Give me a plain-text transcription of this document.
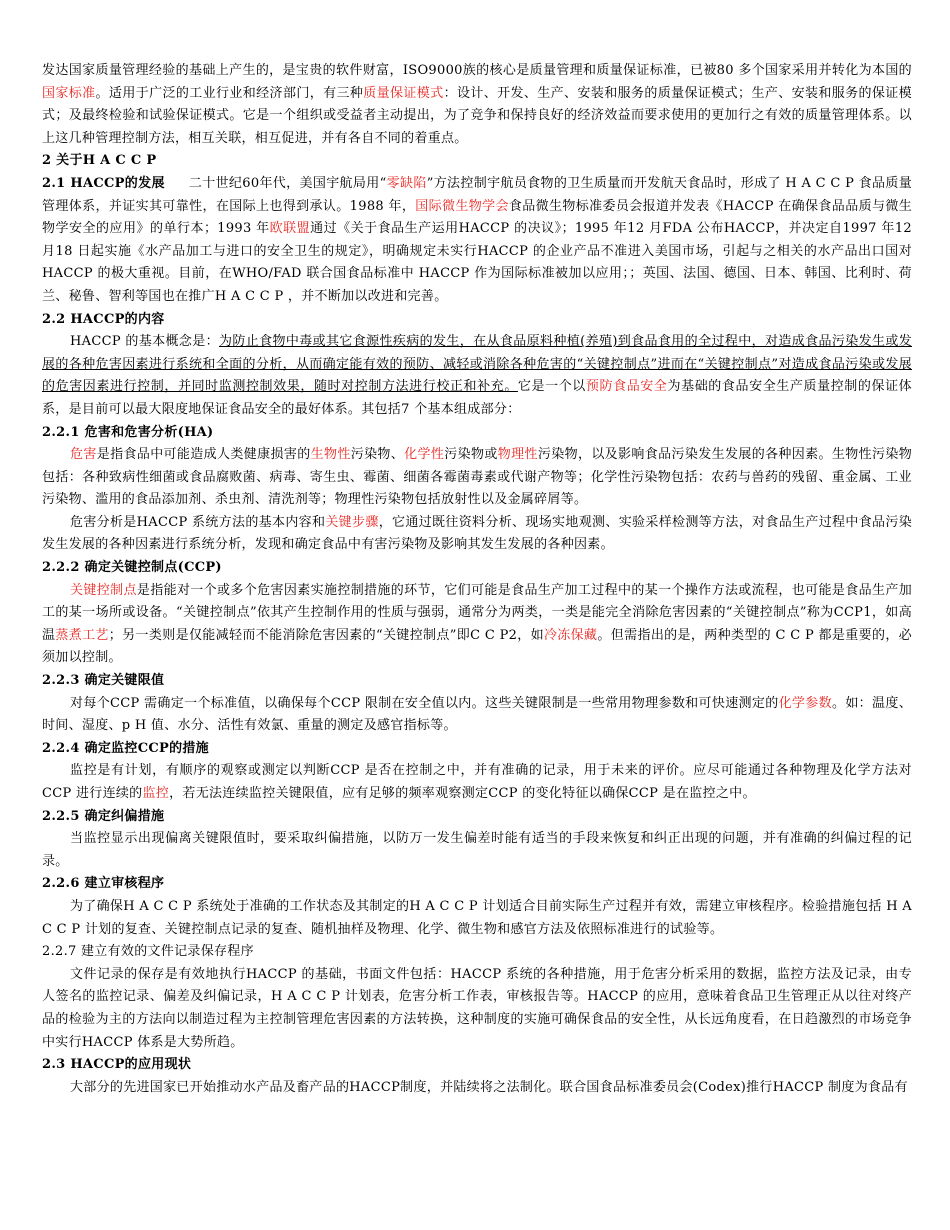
发达国家质量管理经验的基础上产生的，是宝贵的软件财富，ISO9000族的核心是质量管理和质量保证标准，已被80 多个国家采用并转化为本国的国家标准。适用于广泛的工业行业和经济部门，有三种质量保证模式：设计、开发、生产、安装和服务的质量保证模式；生产、安装和服务的保证模式；及最终检验和试验保证模式。它是一个组织或受益者主动提出，为了竞争和保持良好的经济效益而要求使用的更加行之有效的质量管理体系。以上这几种管理控制方法，相互关联，相互促进，并有各自不同的着重点。
2 关于H A C C P
2.1 HACCP的发展 二十世纪60年代，美国宇航局用“零缺陷”方法控制宇航员食物的卫生质量而开发航天食品时，形成了 H A C C P 食品质量管理体系，并证实其可靠性，在国际上也得到承认。1988 年，国际微生物学会食品微生物标准委员会报道并发表《HACCP 在确保食品品质与微生物学安全的应用》的单行本；1993 年欧联盟通过《关于食品生产运用HACCP 的决议》；1995 年12 月FDA 公布HACCP，并决定自1997 年12月18 日起实施《水产品加工与进口的安全卫生的规定》，明确规定未实行HACCP 的企业产品不准进入美国市场，引起与之相关的水产品出口国对HACCP 的极大重视。目前，在WHO/FAD 联合国食品标准中 HACCP 作为国际标准被加以应用；；英国、法国、德国、日本、韩国、比利时、荷兰、秘鲁、智利等国也在推广H A C C P ，并不断加以改进和完善。
2.2 HACCP的内容
HACCP 的基本概念是：为防止食物中毒或其它食源性疾病的发生，在从食品原料种植(养殖)到食品食用的全过程中，对造成食品污染发生或发展的各种危害因素进行系统和全面的分析，从而确定能有效的预防、减轻或消除各种危害的“关键控制点”进而在“关键控制点”对造成食品污染或发展的危害因素进行控制，并同时监测控制效果，随时对控制方法进行校正和补充。它是一个以预防食品安全为基础的食品安全生产质量控制的保证体系，是目前可以最大限度地保证食品安全的最好体系。其包括7 个基本组成部分：
2.2.1 危害和危害分析(HA)
危害是指食品中可能造成人类健康损害的生物性污染物、化学性污染物或物理性污染物，以及影响食品污染发生发展的各种因素。生物性污染物包括：各种致病性细菌或食品腐败菌、病毒、寄生虫、霉菌、细菌各霉菌毒素或代谢产物等；化学性污染物包括：农药与兽药的残留、重金属、工业污染物、滥用的食品添加剂、杀虫剂、清洗剂等；物理性污染物包括放射性以及金属碎屑等。
危害分析是HACCP 系统方法的基本内容和关键步骤，它通过既往资料分析、现场实地观测、实验采样检测等方法，对食品生产过程中食品污染发生发展的各种因素进行系统分析，发现和确定食品中有害污染物及影响其发生发展的各种因素。
2.2.2 确定关键控制点(CCP)
关键控制点是指能对一个或多个危害因素实施控制措施的环节，它们可能是食品生产加工过程中的某一个操作方法或流程，也可能是食品生产加工的某一场所或设备。“关键控制点”依其产生控制作用的性质与强弱，通常分为两类，一类是能完全消除危害因素的“关键控制点”称为CCP1，如高温蒸煮工艺；另一类则是仅能减轻而不能消除危害因素的“关键控制点”即C C P2，如冷冻保藏。但需指出的是，两种类型的 C C P 都是重要的，必须加以控制。
2.2.3 确定关键限值
对每个CCP 需确定一个标准值，以确保每个CCP 限制在安全值以内。这些关键限制是一些常用物理参数和可快速测定的化学参数。如：温度、时间、湿度、p H 值、水分、活性有效氯、重量的测定及感官指标等。
2.2.4 确定监控CCP的措施
监控是有计划，有顺序的观察或测定以判断CCP 是否在控制之中，并有准确的记录，用于未来的评价。应尽可能通过各种物理及化学方法对CCP 进行连续的监控，若无法连续监控关键限值，应有足够的频率观察测定CCP 的变化特征以确保CCP 是在监控之中。
2.2.5 确定纠偏措施
当监控显示出现偏离关键限值时，要采取纠偏措施，以防万一发生偏差时能有适当的手段来恢复和纠正出现的问题，并有准确的纠偏过程的记录。
2.2.6 建立审核程序
为了确保H A C C P 系统处于准确的工作状态及其制定的H A C C P 计划适合目前实际生产过程并有效，需建立审核程序。检验措施包括 H A C C P 计划的复查、关键控制点记录的复查、随机抽样及物理、化学、微生物和感官方法及依照标准进行的试验等。
2.2.7 建立有效的文件记录保存程序
文件记录的保存是有效地执行HACCP 的基础，书面文件包括：HACCP 系统的各种措施，用于危害分析采用的数据，监控方法及记录，由专人签名的监控记录、偏差及纠偏记录，H A C C P 计划表，危害分析工作表，审核报告等。HACCP 的应用，意味着食品卫生管理正从以往对终产品的检验为主的方法向以制造过程为主控制管理危害因素的方法转换，这种制度的实施可确保食品的安全性，从长远角度看，在日趋激烈的市场竞争中实行HACCP 体系是大势所趋。
2.3 HACCP的应用现状
大部分的先进国家已开始推动水产品及畜产品的HACCP制度，并陆续将之法制化。联合国食品标准委员会(Codex)推行HACCP 制度为食品有
